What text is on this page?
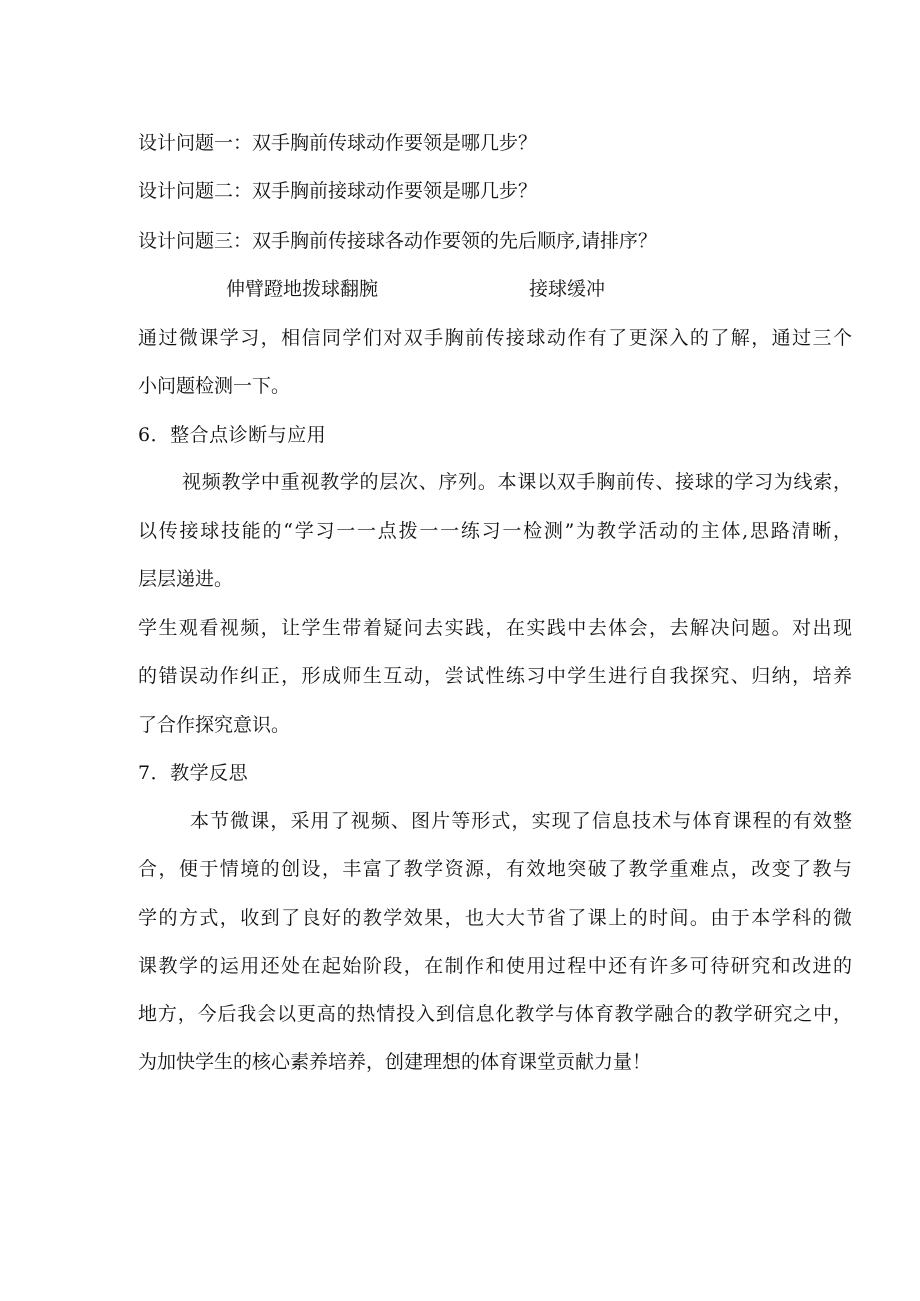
设计问题一：双手胸前传球动作要领是哪几步？
设计问题二：双手胸前接球动作要领是哪几步？
设计问题三：双手胸前传接球各动作要领的先后顺序,请排序？
伸臂蹬地拨球翻腕	接球缓冲
通过微课学习，相信同学们对双手胸前传接球动作有了更深入的了解，通过三个
小问题检测一下。
6．整合点诊断与应用
视频教学中重视教学的层次、序列。本课以双手胸前传、接球的学习为线索，
以传接球技能的“学习一一点拨一一练习一检测”为教学活动的主体,思路清晰，
层层递进。
学生观看视频，让学生带着疑问去实践，在实践中去体会，去解决问题。对出现
的错误动作纠正，形成师生互动，尝试性练习中学生进行自我探究、归纳，培养
了合作探究意识。
7．教学反思
本节微课，采用了视频、图片等形式，实现了信息技术与体育课程的有效整
合，便于情境的创设，丰富了教学资源，有效地突破了教学重难点，改变了教与
学的方式，收到了良好的教学效果，也大大节省了课上的时间。由于本学科的微
课教学的运用还处在起始阶段，在制作和使用过程中还有许多可待研究和改进的
地方，今后我会以更高的热情投入到信息化教学与体育教学融合的教学研究之中，
为加快学生的核心素养培养，创建理想的体育课堂贡献力量！
